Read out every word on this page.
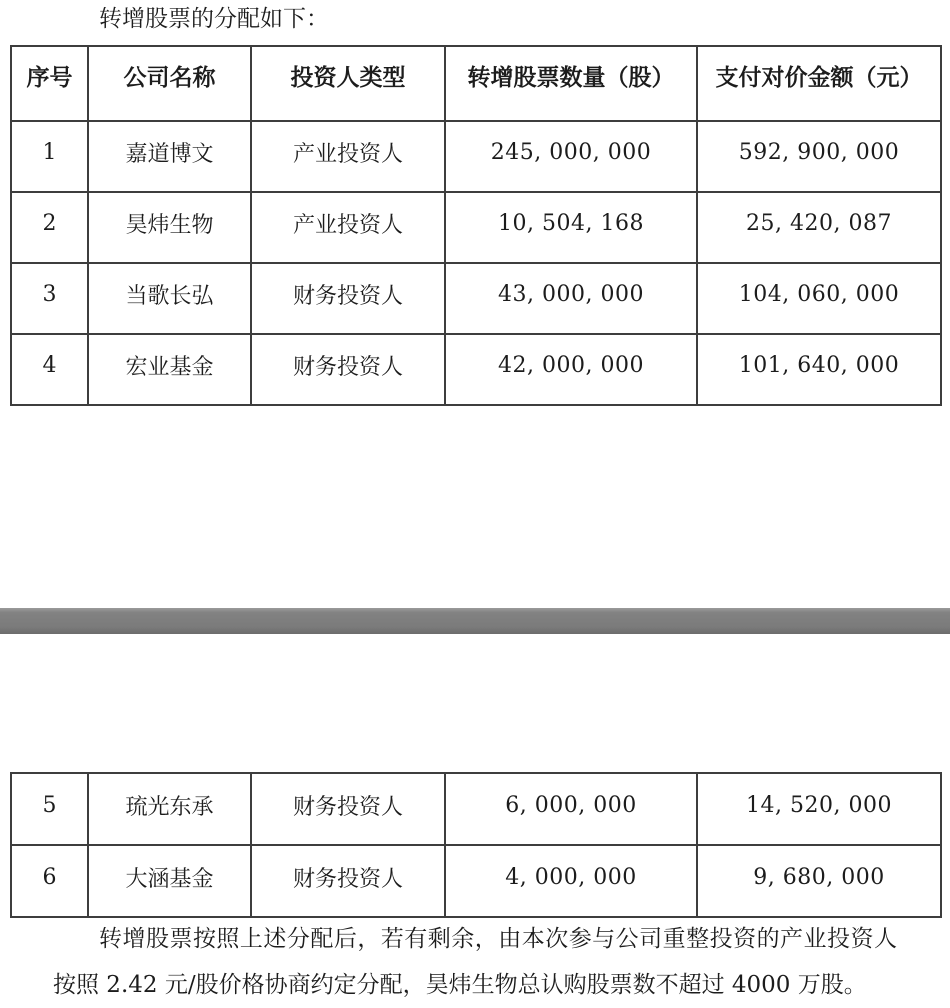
转增股票的分配如下：

序号	公司名称	投资人类型	转增股票数量（股）	支付对价金额（元）
1	嘉道博文	产业投资人	245, 000, 000	592, 900, 000
2	昊炜生物	产业投资人	10, 504, 168	25, 420, 087
3	当歌长弘	财务投资人	43, 000, 000	104, 060, 000
4	宏业基金	财务投资人	42, 000, 000	101, 640, 000
5	琉光东承	财务投资人	6, 000, 000	14, 520, 000
6	大涵基金	财务投资人	4, 000, 000	9, 680, 000

转增股票按照上述分配后，若有剩余，由本次参与公司重整投资的产业投资人按照 2.42 元/股价格协商约定分配，昊炜生物总认购股票数不超过 4000 万股。
